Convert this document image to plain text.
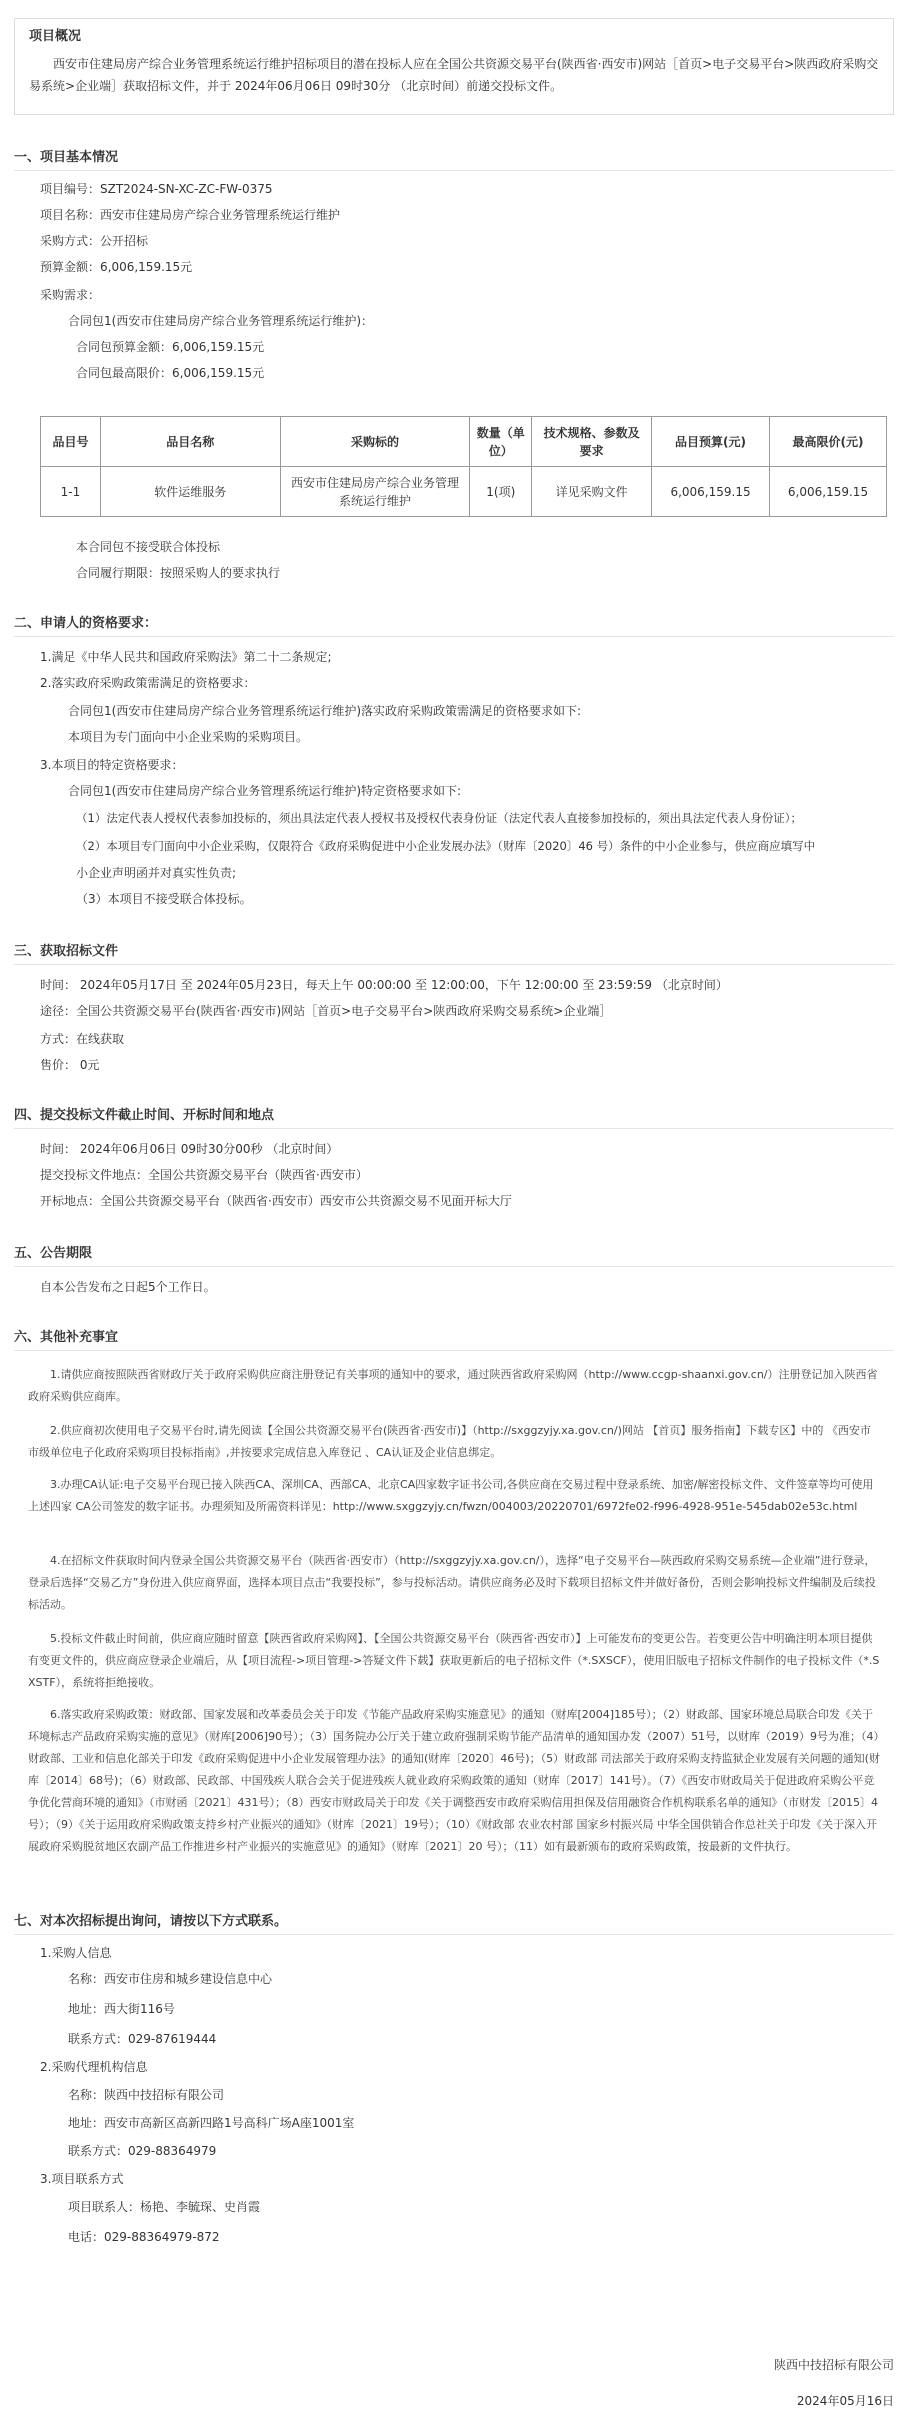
项目概况
西安市住建局房产综合业务管理系统运行维护招标项目的潜在投标人应在全国公共资源交易平台(陕西省·西安市)网站［首页>电子交易平台>陕西政府采购交易系统>企业端］获取招标文件，并于 2024年06月06日 09时30分 （北京时间）前递交投标文件。
一、项目基本情况
项目编号：SZT2024-SN-XC-ZC-FW-0375
项目名称：西安市住建局房产综合业务管理系统运行维护
采购方式：公开招标
预算金额：6,006,159.15元
采购需求：
合同包1(西安市住建局房产综合业务管理系统运行维护)：
合同包预算金额：6,006,159.15元
合同包最高限价：6,006,159.15元
品目号	品目名称	采购标的	数量（单位）	技术规格、参数及要求	品目预算(元)	最高限价(元)
1-1	软件运维服务	西安市住建局房产综合业务管理系统运行维护	1(项)	详见采购文件	6,006,159.15	6,006,159.15
本合同包不接受联合体投标
合同履行期限：按照采购人的要求执行
二、申请人的资格要求：
1.满足《中华人民共和国政府采购法》第二十二条规定;
2.落实政府采购政策需满足的资格要求：
合同包1(西安市住建局房产综合业务管理系统运行维护)落实政府采购政策需满足的资格要求如下:
本项目为专门面向中小企业采购的采购项目。
3.本项目的特定资格要求：
合同包1(西安市住建局房产综合业务管理系统运行维护)特定资格要求如下:
（1）法定代表人授权代表参加投标的，须出具法定代表人授权书及授权代表身份证（法定代表人直接参加投标的，须出具法定代表人身份证）；
（2）本项目专门面向中小企业采购，仅限符合《政府采购促进中小企业发展办法》（财库〔2020〕46 号）条件的中小企业参与，供应商应填写中
小企业声明函并对真实性负责;
（3）本项目不接受联合体投标。
三、获取招标文件
时间： 2024年05月17日 至 2024年05月23日，每天上午 00:00:00 至 12:00:00，下午 12:00:00 至 23:59:59 （北京时间）
途径：全国公共资源交易平台(陕西省·西安市)网站［首页>电子交易平台>陕西政府采购交易系统>企业端］
方式：在线获取
售价： 0元
四、提交投标文件截止时间、开标时间和地点
时间： 2024年06月06日 09时30分00秒 （北京时间）
提交投标文件地点：全国公共资源交易平台（陕西省·西安市）
开标地点：全国公共资源交易平台（陕西省·西安市）西安市公共资源交易不见面开标大厅
五、公告期限
自本公告发布之日起5个工作日。
六、其他补充事宜
1.请供应商按照陕西省财政厅关于政府采购供应商注册登记有关事项的通知中的要求，通过陕西省政府采购网（http://www.ccgp-shaanxi.gov.cn/）注册登记加入陕西省政府采购供应商库。
2.供应商初次使用电子交易平台时,请先阅读【全国公共资源交易平台(陕西省·西安市)】（http://sxggzyjy.xa.gov.cn/)网站 【首页】服务指南】下载专区】中的 《西安市市级单位电子化政府采购项目投标指南》,并按要求完成信息入库登记 、CA认证及企业信息绑定。
3.办理CA认证:电子交易平台现已接入陕西CA、深圳CA、西部CA、北京CA四家数字证书公司,各供应商在交易过程中登录系统、加密/解密投标文件、文件签章等均可使用上述四家 CA公司签发的数字证书。办理须知及所需资料详见：http://www.sxggzyjy.cn/fwzn/004003/20220701/6972fe02-f996-4928-951e-545dab02e53c.html
4.在招标文件获取时间内登录全国公共资源交易平台（陕西省·西安市）（http://sxggzyjy.xa.gov.cn/），选择“电子交易平台—陕西政府采购交易系统—企业端”进行登录，登录后选择“交易乙方”身份进入供应商界面，选择本项目点击“我要投标”，参与投标活动。请供应商务必及时下载项目招标文件并做好备份，否则会影响投标文件编制及后续投标活动。
5.投标文件截止时间前，供应商应随时留意【陕西省政府采购网】、【全国公共资源交易平台（陕西省·西安市）】上可能发布的变更公告。若变更公告中明确注明本项目提供有变更文件的，供应商应登录企业端后，从【项目流程->项目管理->答疑文件下载】获取更新后的电子招标文件（*.SXSCF），使用旧版电子招标文件制作的电子投标文件（*.SXSTF），系统将拒绝接收。
6.落实政府采购政策：财政部、国家发展和改革委员会关于印发《节能产品政府采购实施意见》的通知（财库[2004]185号）；（2）财政部、国家环境总局联合印发《关于环境标志产品政府采购实施的意见》（财库[2006]90号）；（3）国务院办公厅关于建立政府强制采购节能产品清单的通知国办发（2007）51号，以财库（2019）9号为准；（4）财政部、工业和信息化部关于印发《政府采购促进中小企业发展管理办法》的通知(财库〔2020〕46号)；（5）财政部 司法部关于政府采购支持监狱企业发展有关问题的通知(财库〔2014〕68号)；（6）财政部、民政部、中国残疾人联合会关于促进残疾人就业政府采购政策的通知（财库〔2017〕141号）。（7）《西安市财政局关于促进政府采购公平竞争优化营商环境的通知》（市财函〔2021〕431号）；（8）西安市财政局关于印发《关于调整西安市政府采购信用担保及信用融资合作机构联系名单的通知》（市财发〔2015〕4号）；（9）《关于运用政府采购政策支持乡村产业振兴的通知》（财库〔2021〕19号）；（10）《财政部 农业农村部 国家乡村振兴局 中华全国供销合作总社关于印发《关于深入开展政府采购脱贫地区农副产品工作推进乡村产业振兴的实施意见》的通知》（财库〔2021〕20 号）；（11）如有最新颁布的政府采购政策，按最新的文件执行。
七、对本次招标提出询问，请按以下方式联系。
1.采购人信息
名称：西安市住房和城乡建设信息中心
地址：西大街116号
联系方式：029-87619444
2.采购代理机构信息
名称：陕西中技招标有限公司
地址：西安市高新区高新四路1号高科广场A座1001室
联系方式：029-88364979
3.项目联系方式
项目联系人：杨艳、李毓琛、史肖霞
电话：029-88364979-872
陕西中技招标有限公司
2024年05月16日
